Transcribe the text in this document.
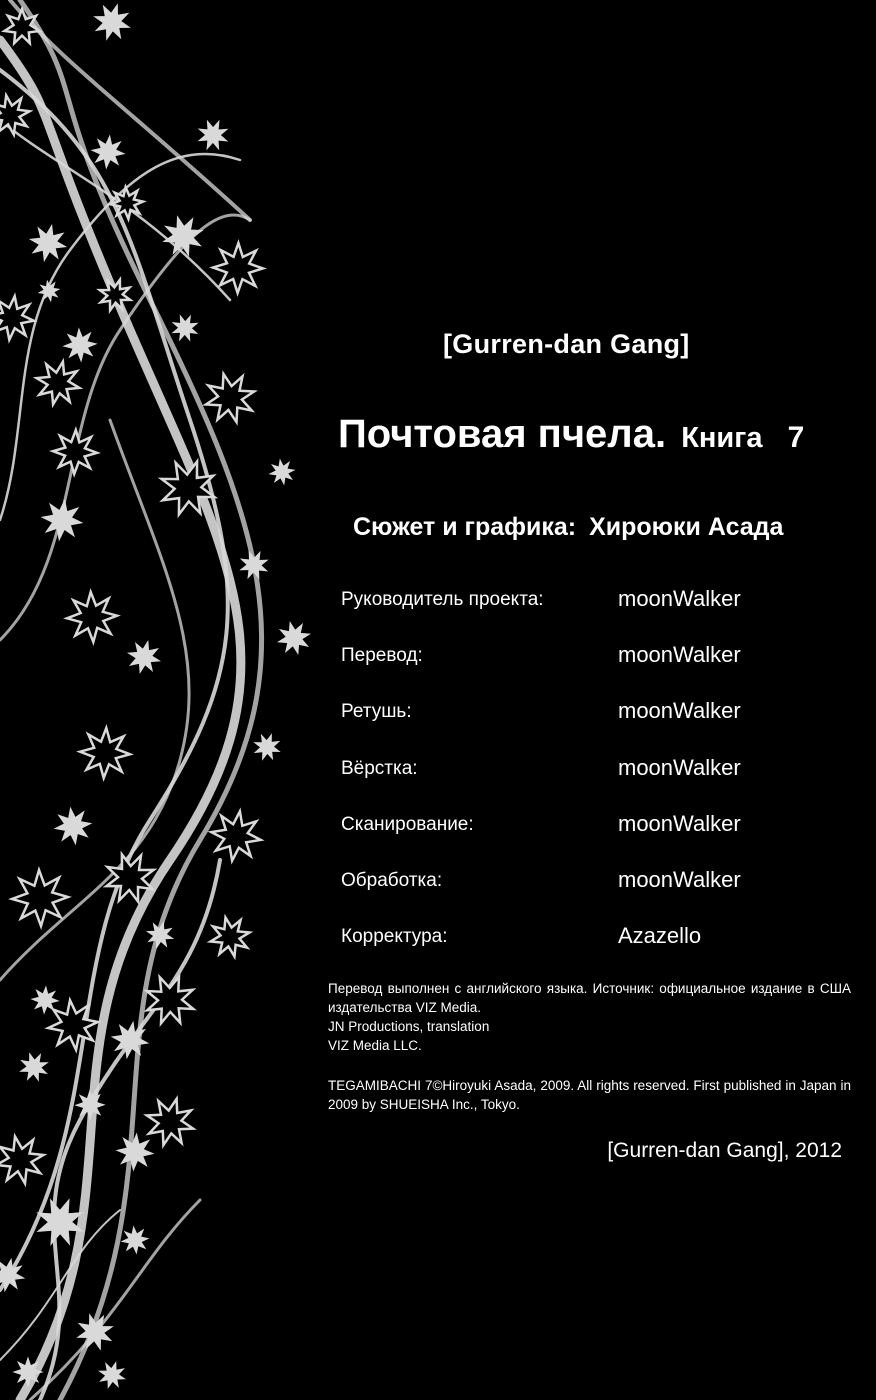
[Gurren-dan Gang]
Почтовая пчела. Книга 7
Сюжет и графика: Хироюки Асада
Руководитель проекта:	moonWalker
Перевод:	moonWalker
Ретушь:	moonWalker
Вёрстка:	moonWalker
Сканирование:	moonWalker
Обработка:	moonWalker
Корректура:	Azazello

Перевод выполнен с английского языка. Источник: официальное издание в США издательства VIZ Media.

JN Productions, translation

VIZ Media LLC.

TEGAMIBACHI 7©Hiroyuki Asada, 2009. All rights reserved. First published in Japan in 2009 by SHUEISHA Inc., Tokyo.
[Gurren-dan Gang], 2012
